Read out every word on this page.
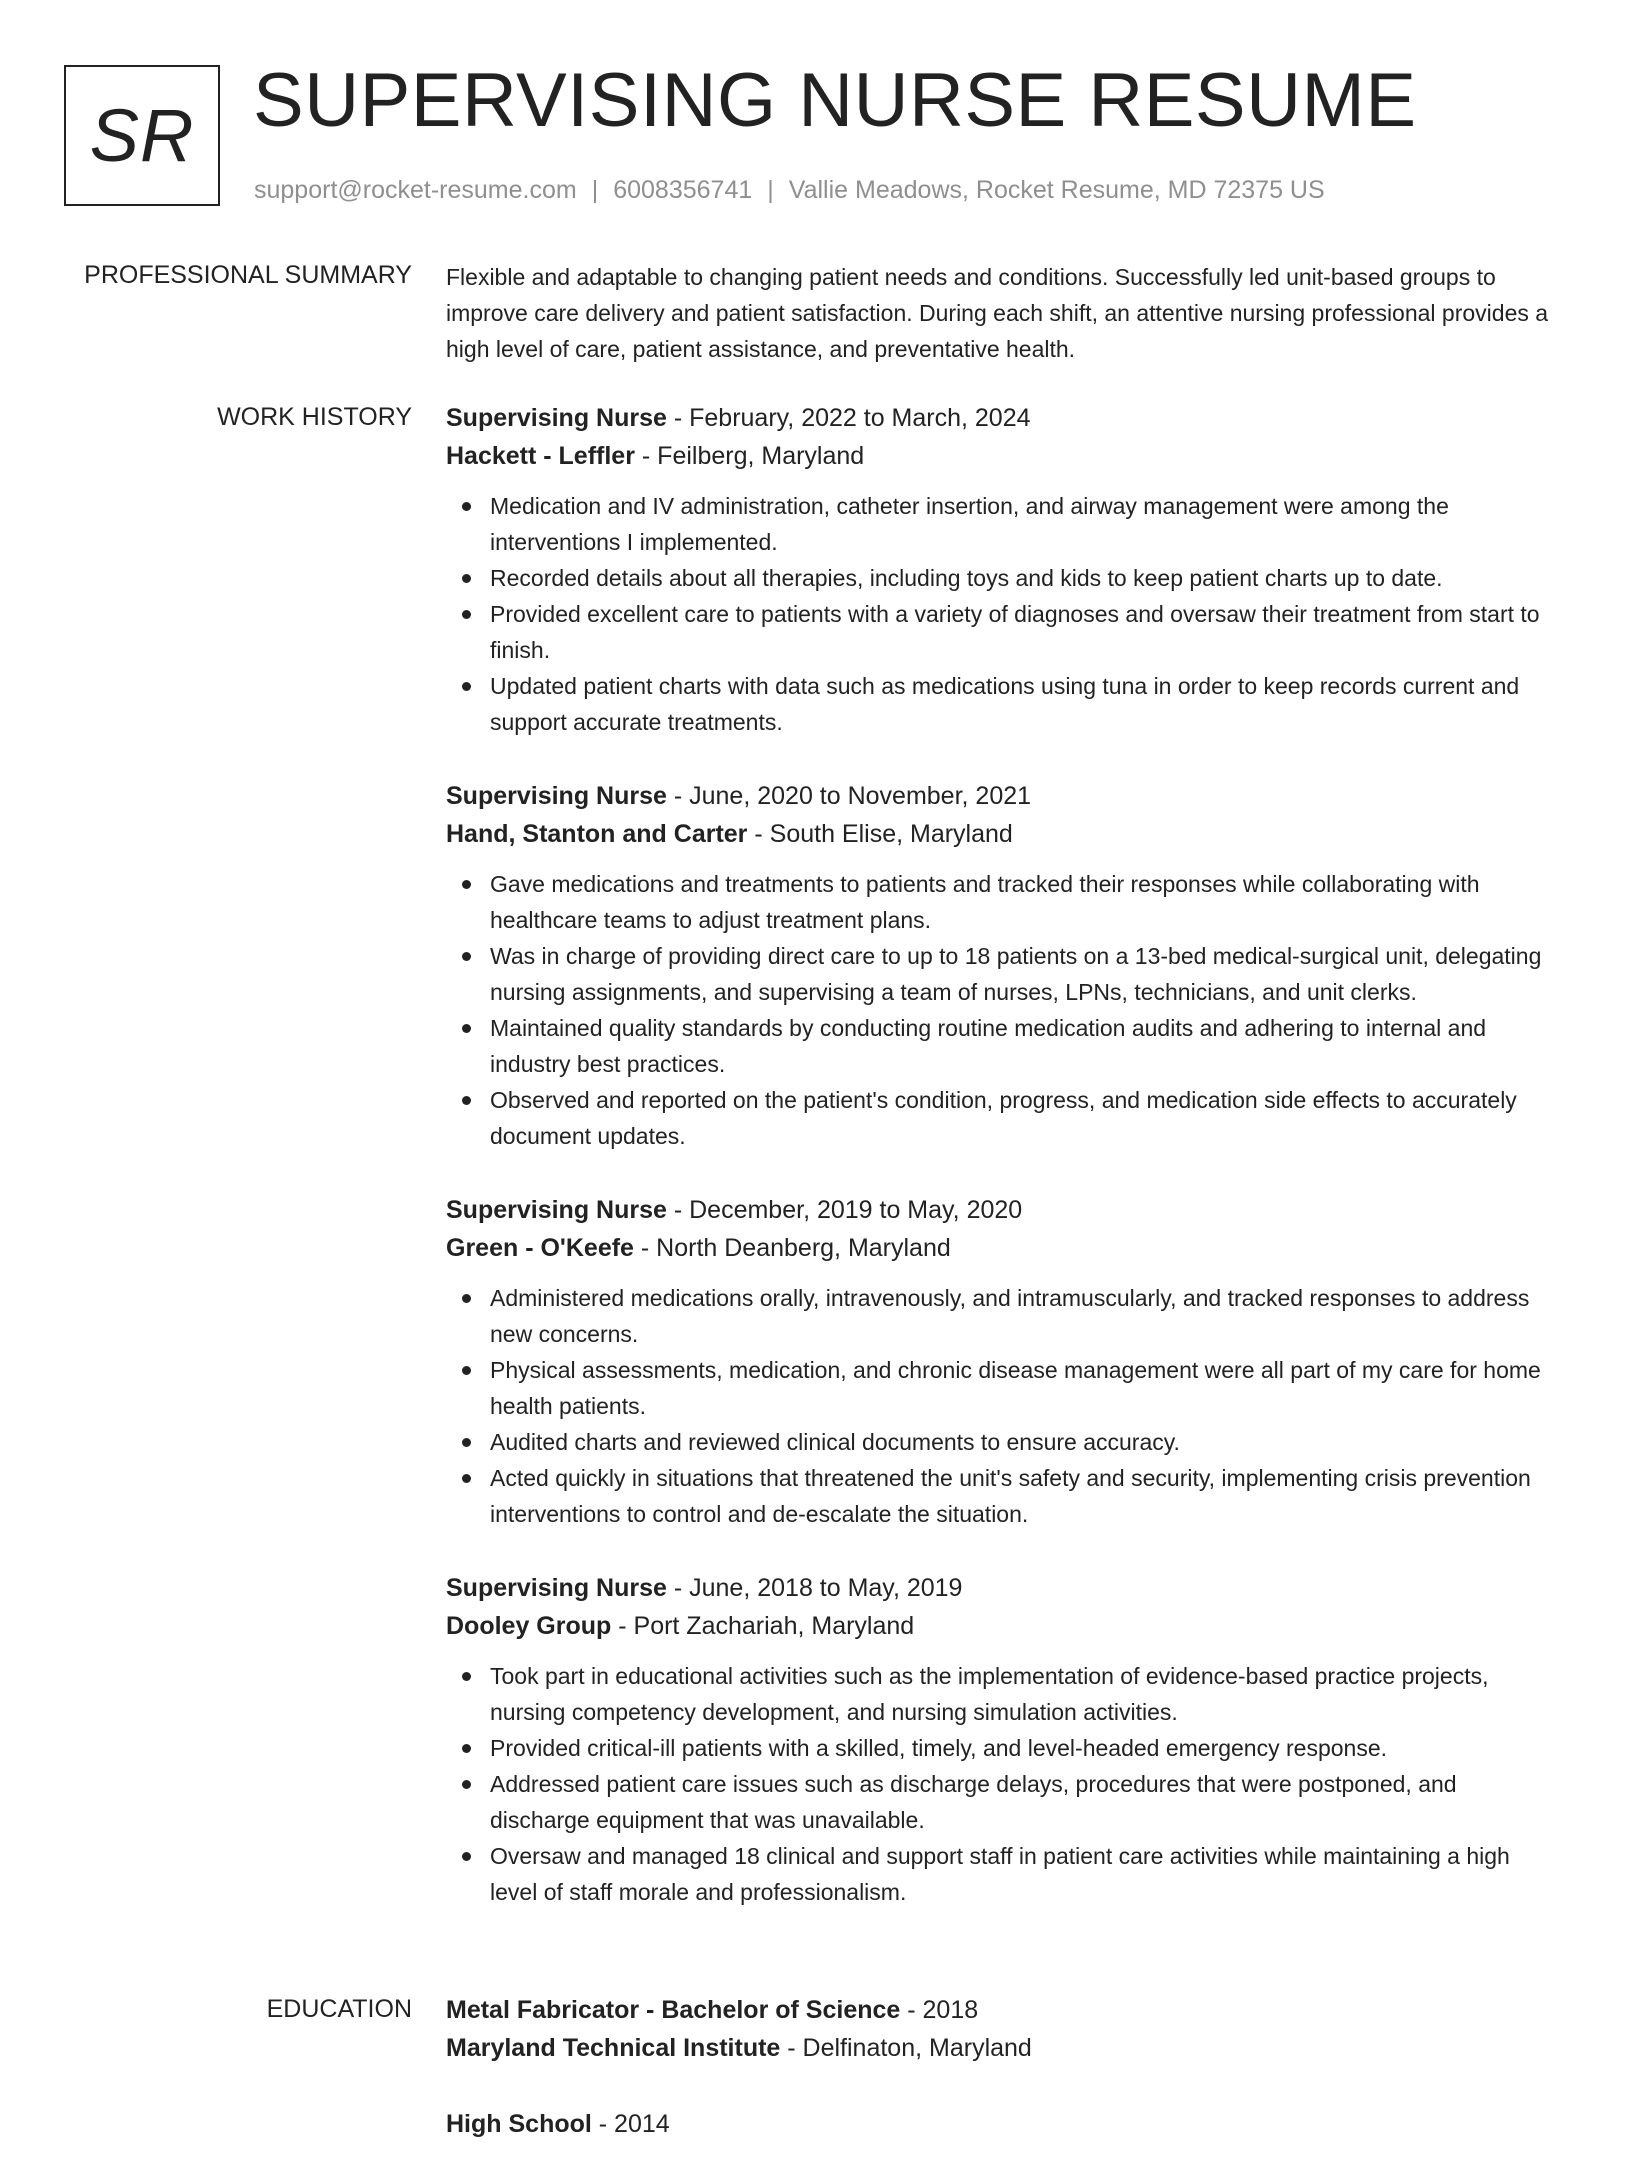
SR SUPERVISING NURSE RESUME
support@rocket-resume.com | 6008356741 | Vallie Meadows, Rocket Resume, MD 72375 US
PROFESSIONAL SUMMARY Flexible and adaptable to changing patient needs and conditions. Successfully led unit-based groups to improve care delivery and patient satisfaction. During each shift, an attentive nursing professional provides a high level of care, patient assistance, and preventative health.

WORK HISTORY Supervising Nurse - February, 2022 to March, 2024
Hackett - Leffler - Feilberg, Maryland
Medication and IV administration, catheter insertion, and airway management were among the interventions I implemented.
Recorded details about all therapies, including toys and kids to keep patient charts up to date.
Provided excellent care to patients with a variety of diagnoses and oversaw their treatment from start to finish.
Updated patient charts with data such as medications using tuna in order to keep records current and support accurate treatments.
Supervising Nurse - June, 2020 to November, 2021
Hand, Stanton and Carter - South Elise, Maryland
Gave medications and treatments to patients and tracked their responses while collaborating with healthcare teams to adjust treatment plans.
Was in charge of providing direct care to up to 18 patients on a 13-bed medical-surgical unit, delegating nursing assignments, and supervising a team of nurses, LPNs, technicians, and unit clerks.
Maintained quality standards by conducting routine medication audits and adhering to internal and industry best practices.
Observed and reported on the patient's condition, progress, and medication side effects to accurately document updates.
Supervising Nurse - December, 2019 to May, 2020
Green - O'Keefe - North Deanberg, Maryland
Administered medications orally, intravenously, and intramuscularly, and tracked responses to address new concerns.
Physical assessments, medication, and chronic disease management were all part of my care for home health patients.
Audited charts and reviewed clinical documents to ensure accuracy.
Acted quickly in situations that threatened the unit's safety and security, implementing crisis prevention interventions to control and de-escalate the situation.
Supervising Nurse - June, 2018 to May, 2019
Dooley Group - Port Zachariah, Maryland
Took part in educational activities such as the implementation of evidence-based practice projects, nursing competency development, and nursing simulation activities.
Provided critical-ill patients with a skilled, timely, and level-headed emergency response.
Addressed patient care issues such as discharge delays, procedures that were postponed, and discharge equipment that was unavailable.
Oversaw and managed 18 clinical and support staff in patient care activities while maintaining a high level of staff morale and professionalism.
EDUCATION Metal Fabricator - Bachelor of Science - 2018
Maryland Technical Institute - Delfinaton, Maryland
High School - 2014
